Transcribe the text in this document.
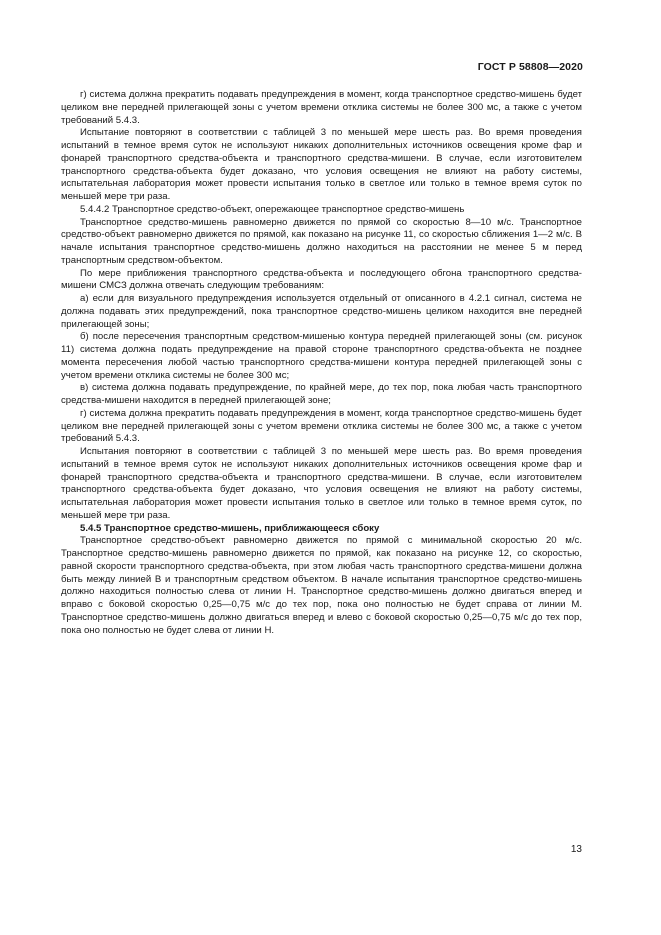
ГОСТ Р 58808—2020

г) система должна прекратить подавать предупреждения в момент, когда транспортное средство-мишень будет целиком вне передней прилегающей зоны с учетом времени отклика системы не более 300 мс, а также с учетом требований 5.4.3.

Испытание повторяют в соответствии с таблицей 3 по меньшей мере шесть раз. Во время проведения испытаний в темное время суток не используют никаких дополнительных источников освещения кроме фар и фонарей транспортного средства-объекта и транспортного средства-мишени. В случае, если изготовителем транспортного средства-объекта будет доказано, что условия освещения не влияют на работу системы, испытательная лаборатория может провести испытания только в светлое или только в темное время суток по меньшей мере три раза.

5.4.4.2 Транспортное средство-объект, опережающее транспортное средство-мишень

Транспортное средство-мишень равномерно движется по прямой со скоростью 8—10 м/с. Транспортное средство-объект равномерно движется по прямой, как показано на рисунке 11, со скоростью сближения 1—2 м/с. В начале испытания транспортное средство-мишень должно находиться на расстоянии не менее 5 м перед транспортным средством-объектом.

По мере приближения транспортного средства-объекта и последующего обгона транспортного средства-мишени СМСЗ должна отвечать следующим требованиям:

а) если для визуального предупреждения используется отдельный от описанного в 4.2.1 сигнал, система не должна подавать этих предупреждений, пока транспортное средство-мишень целиком находится вне передней прилегающей зоны;

б) после пересечения транспортным средством-мишенью контура передней прилегающей зоны (см. рисунок 11) система должна подать предупреждение на правой стороне транспортного средства-объекта не позднее момента пересечения любой частью транспортного средства-мишени контура передней прилегающей зоны с учетом времени отклика системы не более 300 мс;

в) система должна подавать предупреждение, по крайней мере, до тех пор, пока любая часть транспортного средства-мишени находится в передней прилегающей зоне;

г) система должна прекратить подавать предупреждения в момент, когда транспортное средство-мишень будет целиком вне передней прилегающей зоны с учетом времени отклика системы не более 300 мс, а также с учетом требований 5.4.3.

Испытания повторяют в соответствии с таблицей 3 по меньшей мере шесть раз. Во время проведения испытаний в темное время суток не используют никаких дополнительных источников освещения кроме фар и фонарей транспортного средства-объекта и транспортного средства-мишени. В случае, если изготовителем транспортного средства-объекта будет доказано, что условия освещения не влияют на работу системы, испытательная лаборатория может провести испытания только в светлое или только в темное время суток, по меньшей мере три раза.

5.4.5 Транспортное средство-мишень, приближающееся сбоку

Транспортное средство-объект равномерно движется по прямой с минимальной скоростью 20 м/с. Транспортное средство-мишень равномерно движется по прямой, как показано на рисунке 12, со скоростью, равной скорости транспортного средства-объекта, при этом любая часть транспортного средства-мишени должна быть между линией B и транспортным средством объектом. В начале испытания транспортное средство-мишень должно находиться полностью слева от линии H. Транспортное средство-мишень должно двигаться вперед и вправо с боковой скоростью 0,25—0,75 м/с до тех пор, пока оно полностью не будет справа от линии M. Транспортное средство-мишень должно двигаться вперед и влево с боковой скоростью 0,25—0,75 м/с до тех пор, пока оно полностью не будет слева от линии H.

13
